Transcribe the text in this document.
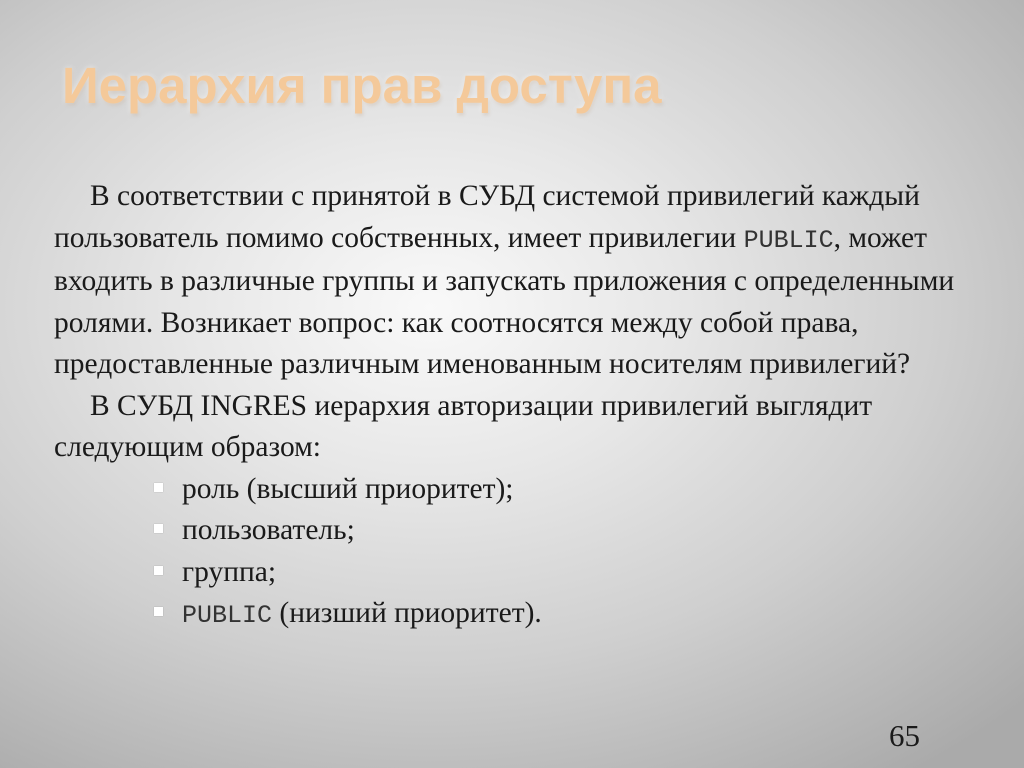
Иерархия прав доступа

В соответствии с принятой в СУБД системой привилегий каждый пользователь помимо собственных, имеет привилегии PUBLIC, может входить в различные группы и запускать приложения с определенными ролями. Возникает вопрос: как соотносятся между собой права, предоставленные различным именованным носителям привилегий?

В СУБД INGRES иерархия авторизации привилегий выглядит следующим образом:

роль (высший приоритет);
пользователь;
группа;
PUBLIC (низший приоритет).
65
